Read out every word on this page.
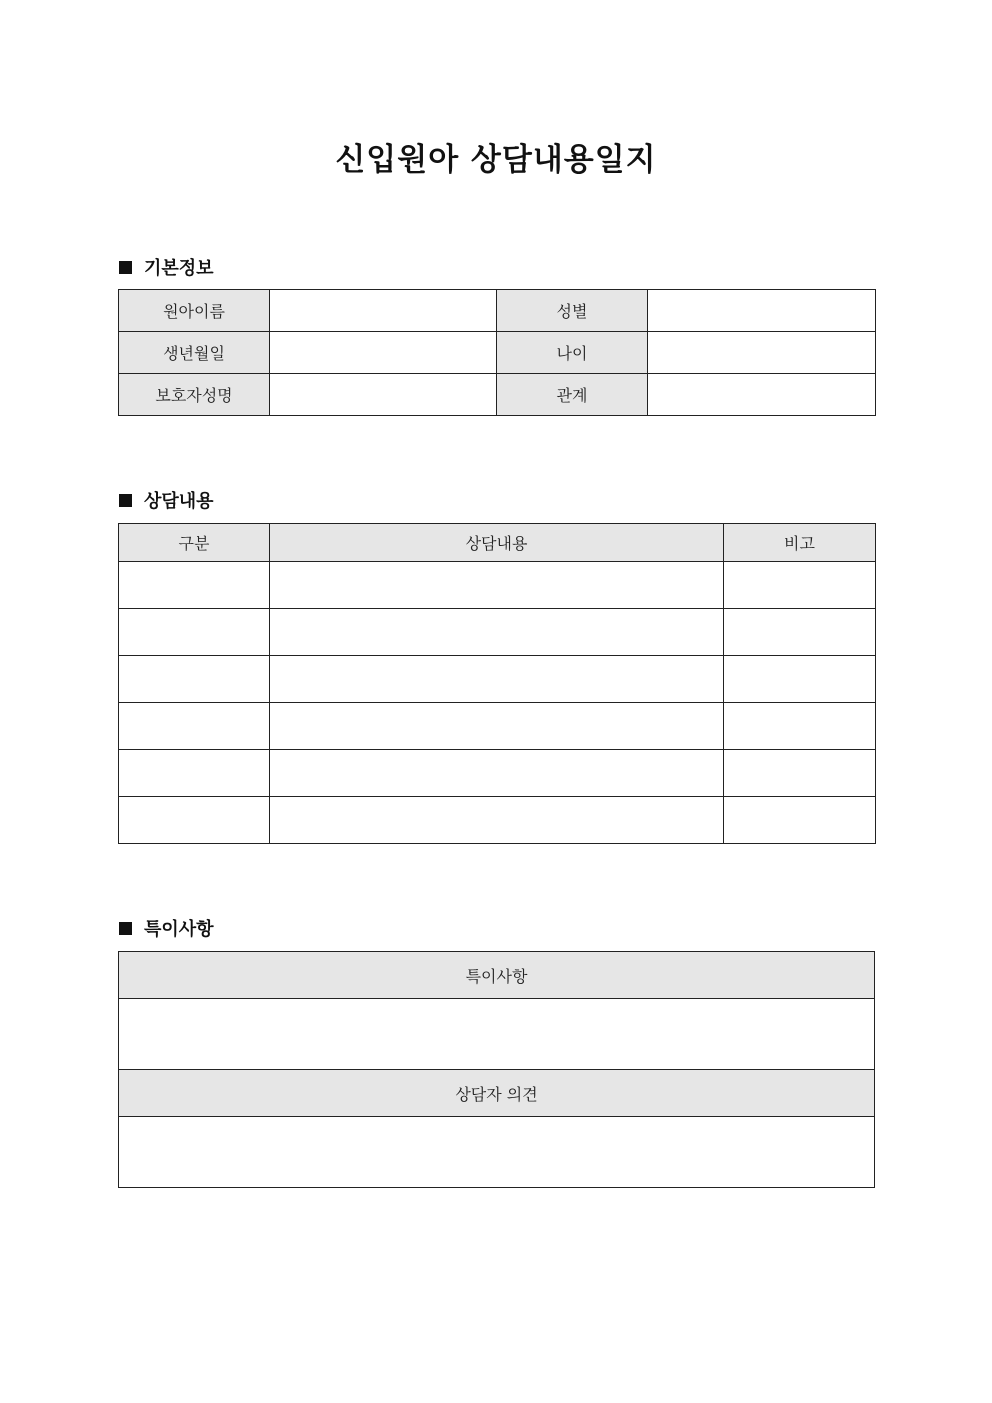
신입원아 상담내용일지
기본정보
원아이름		성별	
생년월일		나이	
보호자성명		관계	
상담내용
구분	상담내용	비고

특이사항
특이사항

상담자 의견
